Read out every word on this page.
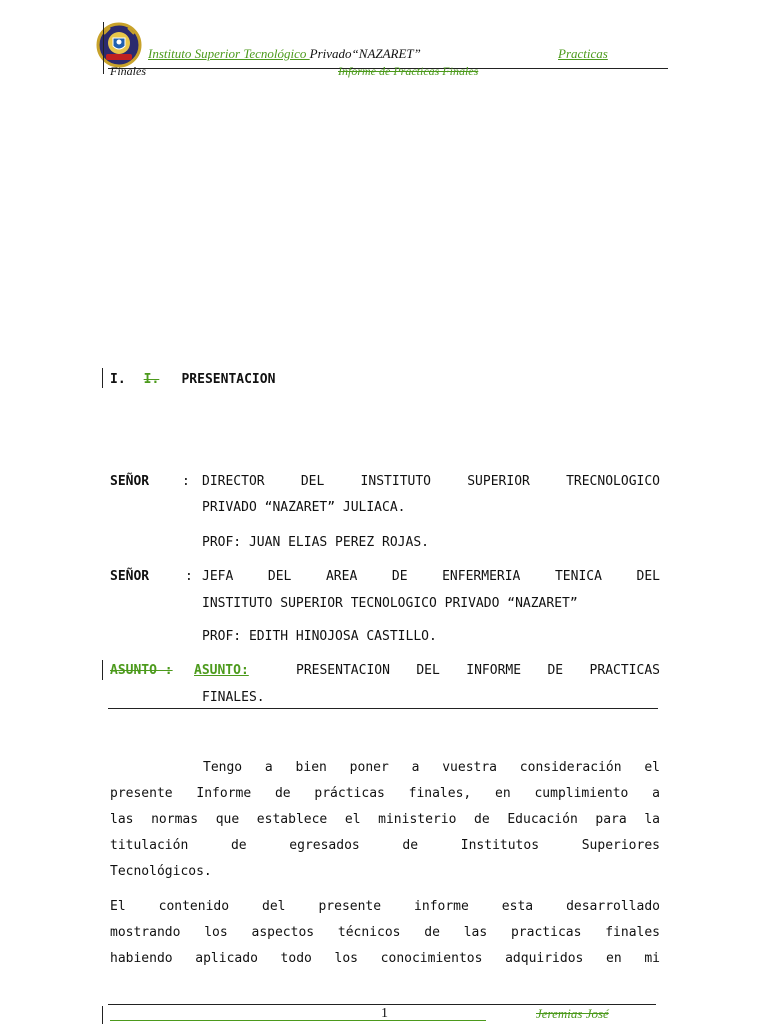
Instituto Superior Tecnológico Privado“NAZARET”	Practicas
Finales	Informe de Practicas Finales
I. I. PRESENTACION
SEÑOR	: DIRECTOR DEL INSTITUTO SUPERIOR TRECNOLOGICO
PRIVADO “NAZARET” JULIACA.
PROF: JUAN ELIAS PEREZ ROJAS.
SEÑOR	: JEFA DEL AREA DE ENFERMERIA TENICA DEL
INSTITUTO SUPERIOR TECNOLOGICO PRIVADO “NAZARET”
PROF: EDITH HINOJOSA CASTILLO.
ASUNTO : ASUNTO:	PRESENTACION DEL INFORME DE PRACTICAS
FINALES.
Tengo a bien poner a vuestra consideración el
presente Informe de prácticas finales, en cumplimiento a
las normas que establece el ministerio de Educación para la
titulación de egresados de Institutos Superiores
Tecnológicos.
El contenido del presente informe esta desarrollado
mostrando los aspectos técnicos de las practicas finales
habiendo aplicado todo los conocimientos adquiridos en mi
1	Jeremias José
